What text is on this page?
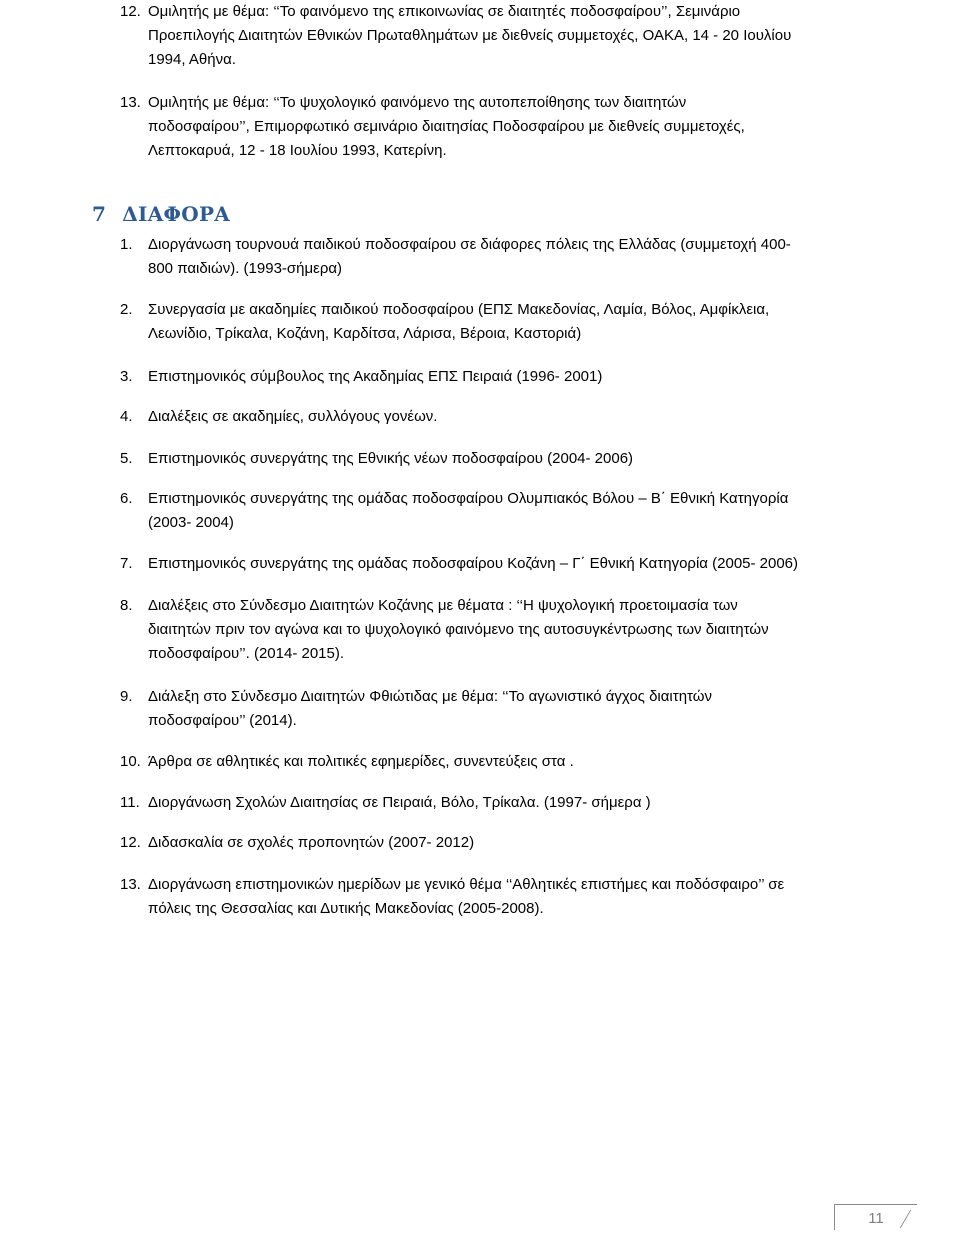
12. Ομιλητής με θέμα: ‘‘Το φαινόμενο της επικοινωνίας σε διαιτητές ποδοσφαίρου’’, Σεμινάριο
Προεπιλογής Διαιτητών Εθνικών Πρωταθλημάτων με διεθνείς συμμετοχές, ΟΑΚΑ, 14 - 20 Ιουλίου
1994, Αθήνα.
13. Ομιλητής με θέμα: ‘‘Το ψυχολογικό φαινόμενο της αυτοπεποίθησης των διαιτητών
ποδοσφαίρου’’, Επιμορφωτικό σεμινάριο διαιτησίας Ποδοσφαίρου με διεθνείς συμμετοχές,
Λεπτοκαρυά, 12 - 18 Ιουλίου 1993, Κατερίνη.
7 ΔΙΑΦΟΡΑ
1. Διοργάνωση τουρνουά παιδικού ποδοσφαίρου σε διάφορες πόλεις της Ελλάδας (συμμετοχή 400-
800 παιδιών). (1993-σήμερα)
2. Συνεργασία με ακαδημίες παιδικού ποδοσφαίρου (ΕΠΣ Μακεδονίας, Λαμία, Βόλος, Αμφίκλεια,
Λεωνίδιο, Τρίκαλα, Κοζάνη, Καρδίτσα, Λάρισα, Βέροια, Καστοριά)
3. Επιστημονικός σύμβουλος της Ακαδημίας ΕΠΣ Πειραιά (1996- 2001)
4. Διαλέξεις σε ακαδημίες, συλλόγους γονέων.
5. Επιστημονικός συνεργάτης της Εθνικής νέων ποδοσφαίρου (2004- 2006)
6. Επιστημονικός συνεργάτης της ομάδας ποδοσφαίρου Ολυμπιακός Βόλου – Β΄ Εθνική Κατηγορία
(2003- 2004)
7. Επιστημονικός συνεργάτης της ομάδας ποδοσφαίρου Κοζάνη – Γ΄ Εθνική Κατηγορία (2005- 2006)
8. Διαλέξεις στο Σύνδεσμο Διαιτητών Κοζάνης με θέματα : ‘‘Η ψυχολογική προετοιμασία των
διαιτητών πριν τον αγώνα και το ψυχολογικό φαινόμενο της αυτοσυγκέντρωσης των διαιτητών
ποδοσφαίρου’’. (2014- 2015).
9. Διάλεξη στο Σύνδεσμο Διαιτητών Φθιώτιδας με θέμα: ‘‘Το αγωνιστικό άγχος διαιτητών
ποδοσφαίρου’’ (2014).
10. Άρθρα σε αθλητικές και πολιτικές εφημερίδες, συνεντεύξεις στα .
11. Διοργάνωση Σχολών Διαιτησίας σε Πειραιά, Βόλο, Τρίκαλα. (1997- σήμερα )
12. Διδασκαλία σε σχολές προπονητών (2007- 2012)
13. Διοργάνωση επιστημονικών ημερίδων με γενικό θέμα ‘‘Αθλητικές επιστήμες και ποδόσφαιρο’’ σε
πόλεις της Θεσσαλίας και Δυτικής Μακεδονίας (2005-2008).
11
